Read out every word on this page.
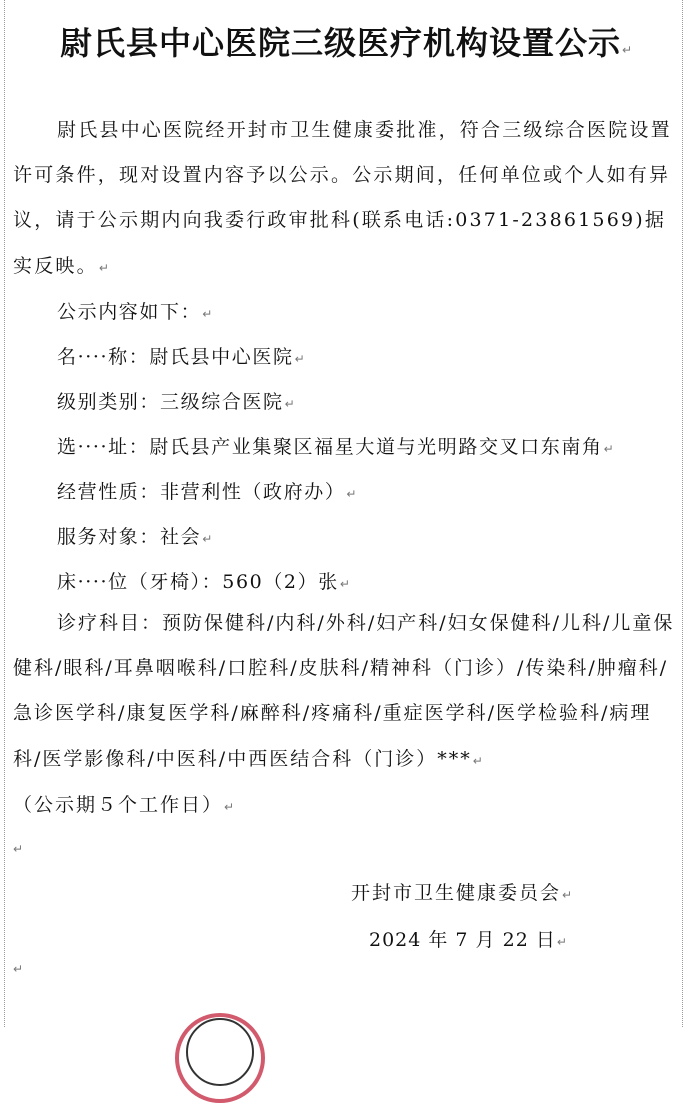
尉氏县中心医院三级医疗机构设置公示↵
尉氏县中心医院经开封市卫生健康委批准，符合三级综合医院设置许可条件，现对设置内容予以公示。公示期间，任何单位或个人如有异议，请于公示期内向我委行政审批科(联系电话:0371-23861569)据实反映。↵
公示内容如下：↵
名····称：尉氏县中心医院↵
级别类别：三级综合医院↵
选····址：尉氏县产业集聚区福星大道与光明路交叉口东南角↵
经营性质：非营利性（政府办）↵
服务对象：社会↵
床····位（牙椅）：560（2）张↵
诊疗科目：预防保健科/内科/外科/妇产科/妇女保健科/儿科/儿童保健科/眼科/耳鼻咽喉科/口腔科/皮肤科/精神科（门诊）/传染科/肿瘤科/急诊医学科/康复医学科/麻醉科/疼痛科/重症医学科/医学检验科/病理科/医学影像科/中医科/中西医结合科（门诊）***↵
（公示期５个工作日）↵
↵
开封市卫生健康委员会↵
2024 年 7 月 22 日↵
↵
